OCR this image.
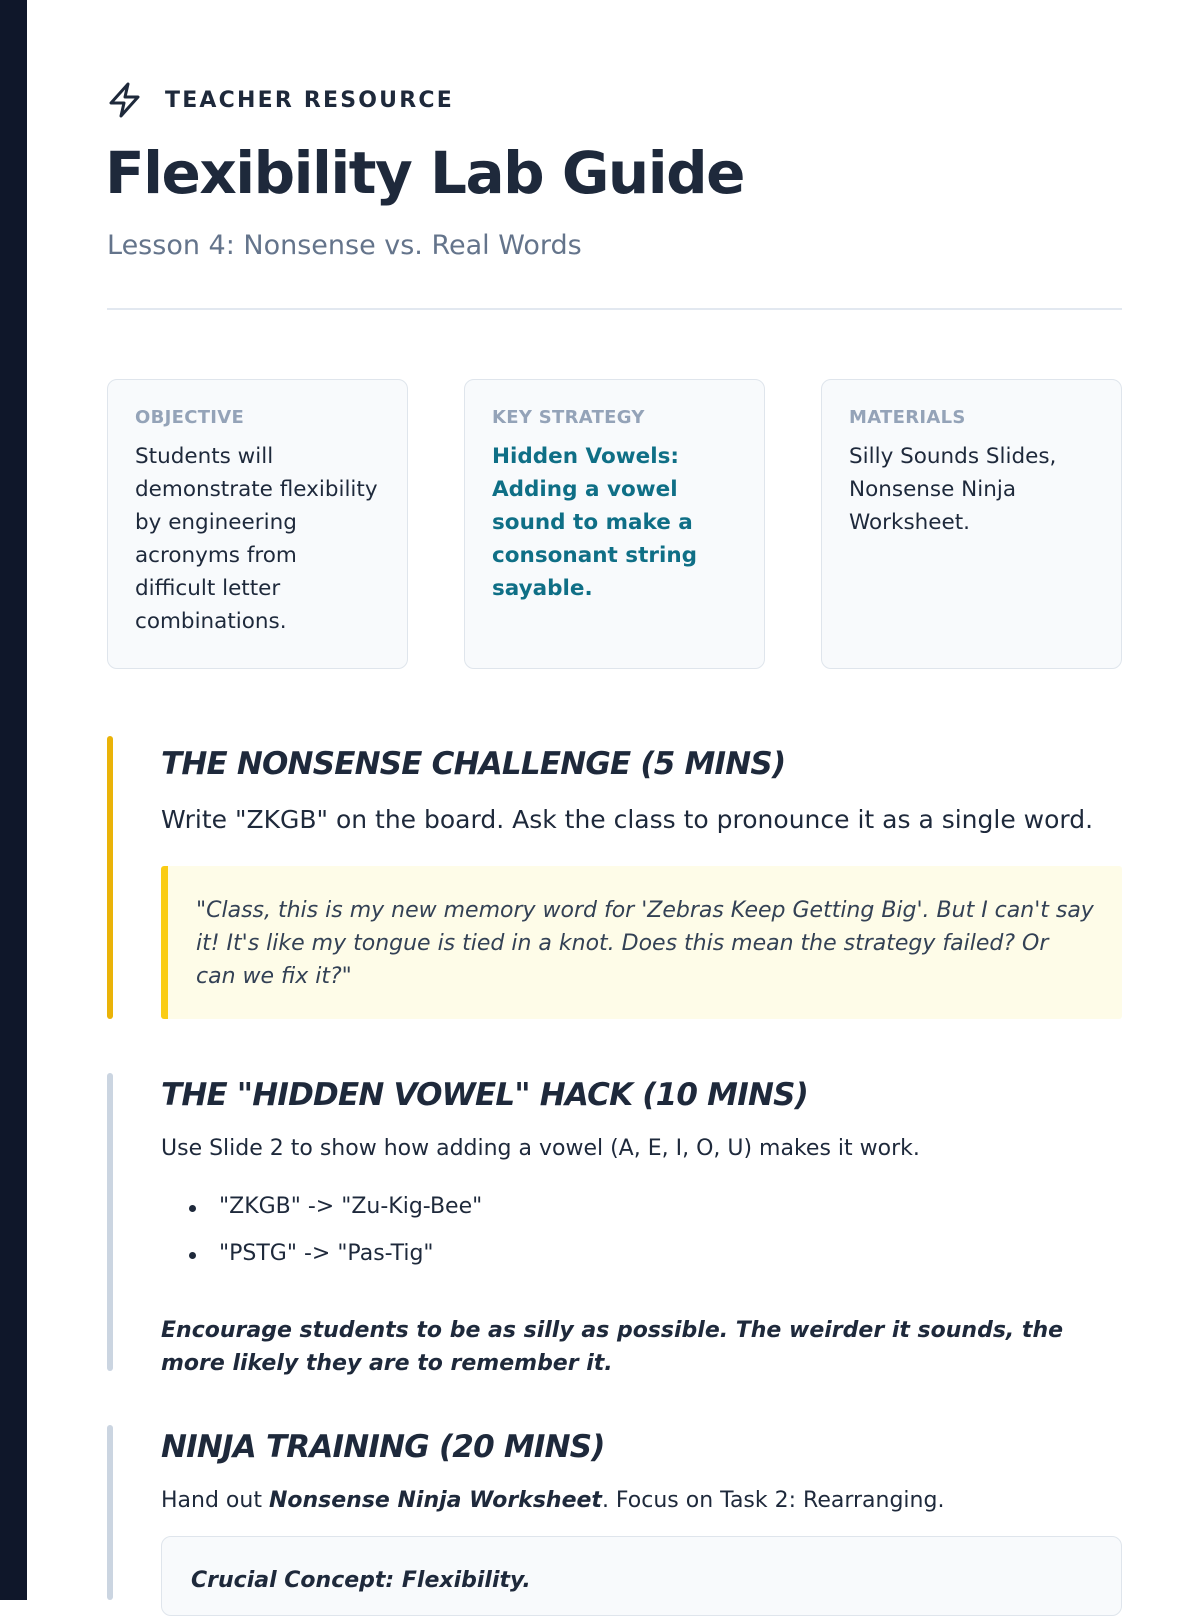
TEACHER RESOURCE
Flexibility Lab Guide

Lesson 4: Nonsense vs. Real Words

OBJECTIVE

Students will demonstrate flexibility by engineering acronyms from difficult letter combinations.

KEY STRATEGY

Hidden Vowels: Adding a vowel sound to make a consonant string sayable.

MATERIALS

Silly Sounds Slides, Nonsense Ninja Worksheet.

THE NONSENSE CHALLENGE (5 MINS)

Write "ZKGB" on the board. Ask the class to pronounce it as a single word.

"Class, this is my new memory word for 'Zebras Keep Getting Big'. But I can't say it! It's like my tongue is tied in a knot. Does this mean the strategy failed? Or can we fix it?"

THE "HIDDEN VOWEL" HACK (10 MINS)

Use Slide 2 to show how adding a vowel (A, E, I, O, U) makes it work.

"ZKGB" -> "Zu-Kig-Bee"
"PSTG" -> "Pas-Tig"

Encourage students to be as silly as possible. The weirder it sounds, the more likely they are to remember it.

NINJA TRAINING (20 MINS)

Hand out Nonsense Ninja Worksheet. Focus on Task 2: Rearranging.

Crucial Concept: Flexibility.
